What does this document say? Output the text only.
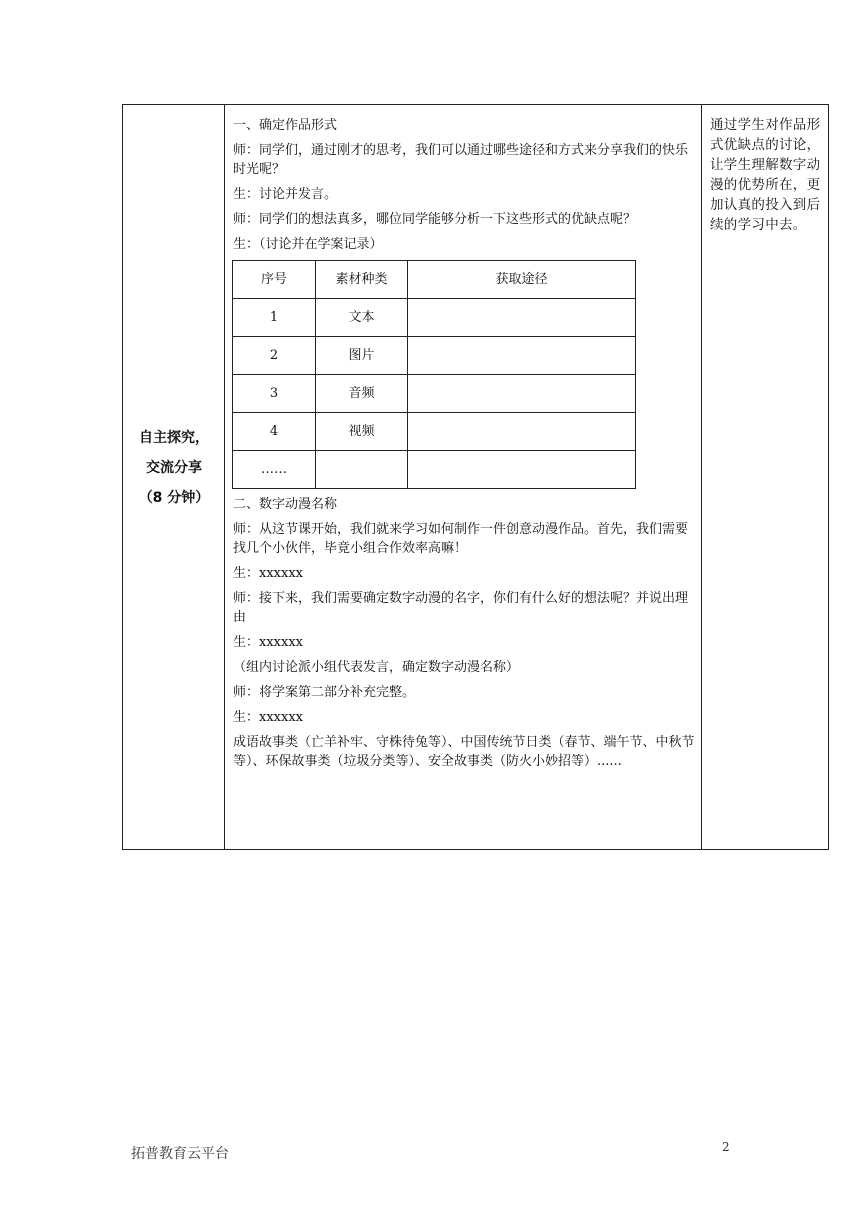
自主探究，
交流分享
（8 分钟）

一、确定作品形式

师：同学们，通过刚才的思考，我们可以通过哪些途径和方式来分享我们的快乐时光呢？

生：讨论并发言。

师：同学们的想法真多，哪位同学能够分析一下这些形式的优缺点呢？

生：（讨论并在学案记录）

序号	素材种类	获取途径
1	文本	
2	图片	
3	音频	
4	视频	
……		

二、数字动漫名称

师：从这节课开始，我们就来学习如何制作一件创意动漫作品。首先，我们需要找几个小伙伴，毕竟小组合作效率高嘛！

生：xxxxxx

师：接下来，我们需要确定数字动漫的名字，你们有什么好的想法呢？并说出理由

生：xxxxxx

（组内讨论派小组代表发言，确定数字动漫名称）

师：将学案第二部分补充完整。

生：xxxxxx

成语故事类（亡羊补牢、守株待兔等）、中国传统节日类（春节、端午节、中秋节等）、环保故事类（垃圾分类等）、安全故事类（防火小妙招等）......

通过学生对作品形式优缺点的讨论，让学生理解数字动漫的优势所在，更加认真的投入到后续的学习中去。
拓普教育云平台	2
